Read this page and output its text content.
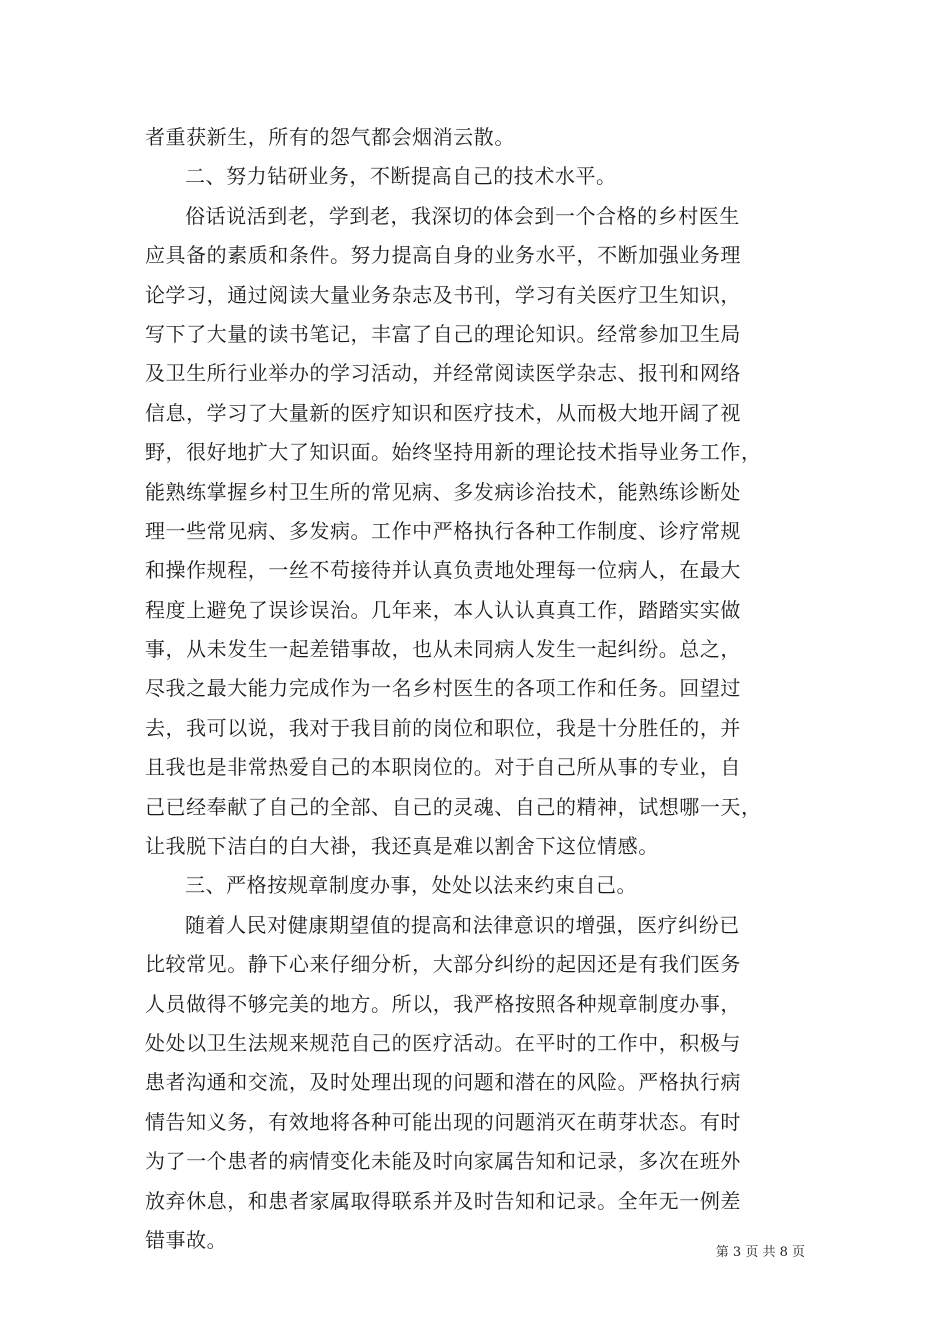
者重获新生，所有的怨气都会烟消云散。
二、努力钻研业务，不断提高自己的技术水平。
俗话说活到老，学到老，我深切的体会到一个合格的乡村医生
应具备的素质和条件。努力提高自身的业务水平，不断加强业务理
论学习，通过阅读大量业务杂志及书刊，学习有关医疗卫生知识，
写下了大量的读书笔记，丰富了自己的理论知识。经常参加卫生局
及卫生所行业举办的学习活动，并经常阅读医学杂志、报刊和网络
信息，学习了大量新的医疗知识和医疗技术，从而极大地开阔了视
野，很好地扩大了知识面。始终坚持用新的理论技术指导业务工作，
能熟练掌握乡村卫生所的常见病、多发病诊治技术，能熟练诊断处
理一些常见病、多发病。工作中严格执行各种工作制度、诊疗常规
和操作规程，一丝不苟接待并认真负责地处理每一位病人，在最大
程度上避免了误诊误治。几年来，本人认认真真工作，踏踏实实做
事，从未发生一起差错事故，也从未同病人发生一起纠纷。总之，
尽我之最大能力完成作为一名乡村医生的各项工作和任务。回望过
去，我可以说，我对于我目前的岗位和职位，我是十分胜任的，并
且我也是非常热爱自己的本职岗位的。对于自己所从事的专业，自
己已经奉献了自己的全部、自己的灵魂、自己的精神，试想哪一天，
让我脱下洁白的白大褂，我还真是难以割舍下这位情感。
三、严格按规章制度办事，处处以法来约束自己。
随着人民对健康期望值的提高和法律意识的增强，医疗纠纷已
比较常见。静下心来仔细分析，大部分纠纷的起因还是有我们医务
人员做得不够完美的地方。所以，我严格按照各种规章制度办事，
处处以卫生法规来规范自己的医疗活动。在平时的工作中，积极与
患者沟通和交流，及时处理出现的问题和潜在的风险。严格执行病
情告知义务，有效地将各种可能出现的问题消灭在萌芽状态。有时
为了一个患者的病情变化未能及时向家属告知和记录，多次在班外
放弃休息，和患者家属取得联系并及时告知和记录。全年无一例差
错事故。
第 3 页 共 8 页
